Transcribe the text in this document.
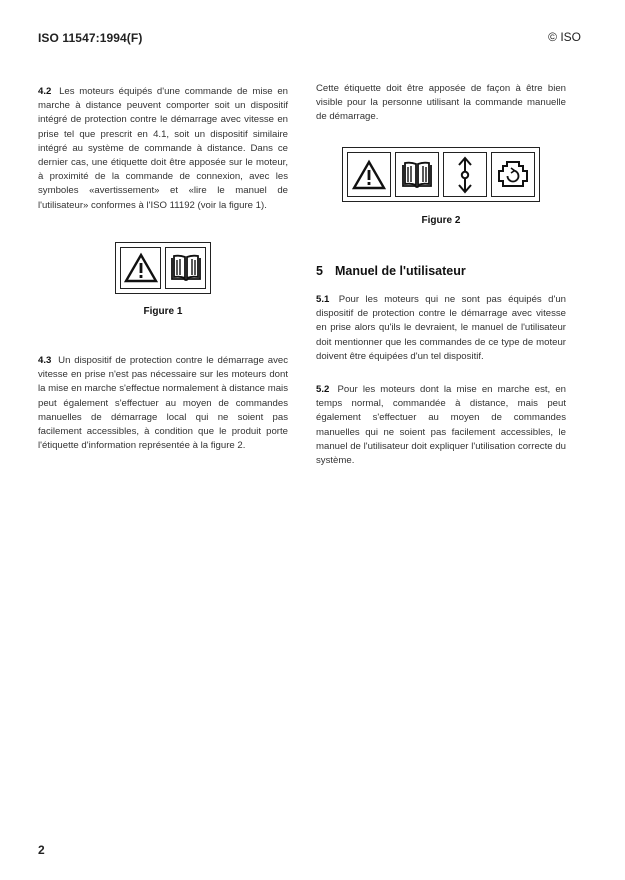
ISO 11547:1994(F)	© ISO

4.2 Les moteurs équipés d'une commande de mise en marche à distance peuvent comporter soit un dispositif intégré de protection contre le démarrage avec vitesse en prise tel que prescrit en 4.1, soit un dispositif similaire intégré au système de commande à distance. Dans ce dernier cas, une étiquette doit être apposée sur le moteur, à proximité de la commande de connexion, avec les symboles «avertissement» et «lire le manuel de l'utilisateur» conformes à l'ISO 11192 (voir la figure 1).

Figure 1

4.3 Un dispositif de protection contre le démarrage avec vitesse en prise n'est pas nécessaire sur les moteurs dont la mise en marche s'effectue normalement à distance mais peut également s'effectuer au moyen de commandes manuelles de démarrage local qui ne soient pas facilement accessibles, à condition que le produit porte l'étiquette d'information représentée à la figure 2.

Cette étiquette doit être apposée de façon à être bien visible pour la personne utilisant la commande manuelle de démarrage.

Figure 2
5 Manuel de l'utilisateur

5.1 Pour les moteurs qui ne sont pas équipés d'un dispositif de protection contre le démarrage avec vitesse en prise alors qu'ils le devraient, le manuel de l'utilisateur doit mentionner que les commandes de ce type de moteur doivent être équipées d'un tel dispositif.

5.2 Pour les moteurs dont la mise en marche est, en temps normal, commandée à distance, mais peut également s'effectuer au moyen de commandes manuelles qui ne soient pas facilement accessibles, le manuel de l'utilisateur doit expliquer l'utilisation correcte du système.

2
